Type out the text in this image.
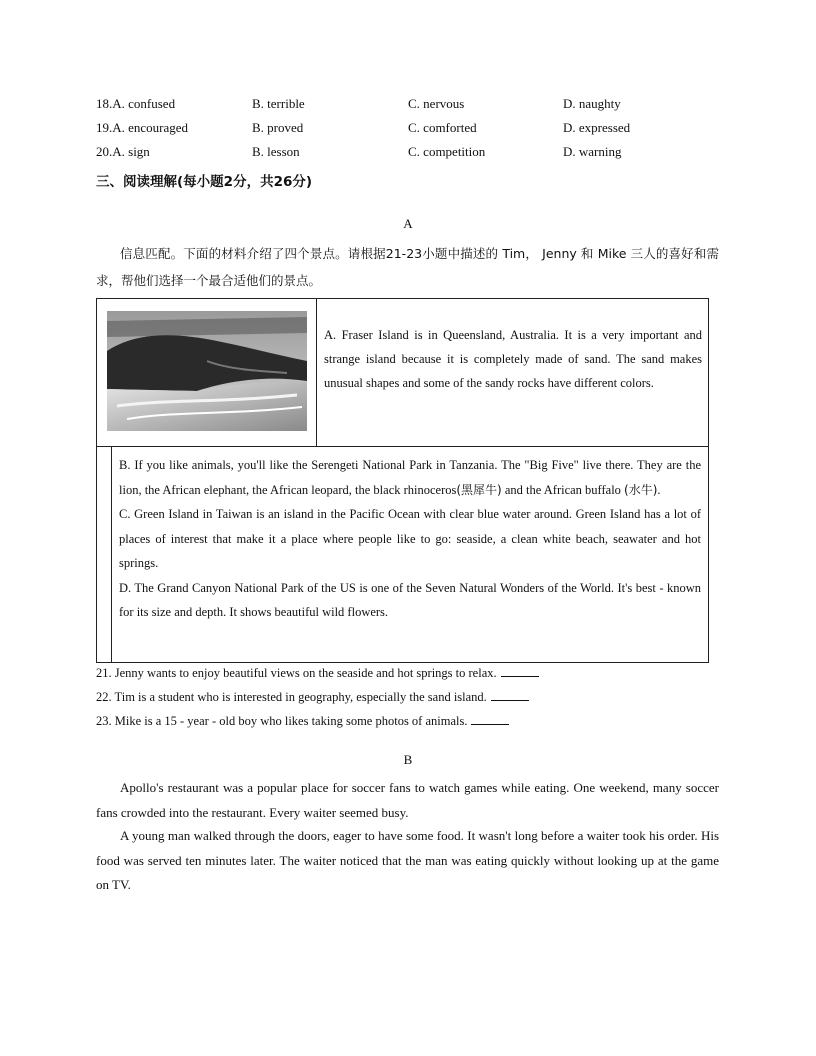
18.A. confused	B. terrible	C. nervous	D. naughty
19.A. encouraged	B. proved	C. comforted	D. expressed
20.A. sign	B. lesson	C. competition	D. warning
三、阅读理解(每小题2分，共26分)
A
信息匹配。下面的材料介绍了四个景点。请根据21-23小题中描述的 Tim， Jenny 和 Mike 三人的喜好和需求，帮他们选择一个最合适他们的景点。
A. Fraser Island is in Queensland, Australia. It is a very important and strange island because it is completely made of sand. The sand makes unusual shapes and some of the sandy rocks have different colors.

B. If you like animals, you'll like the Serengeti National Park in Tanzania. The "Big Five" live there. They are the lion, the African elephant, the African leopard, the black rhinoceros(黑犀牛) and the African buffalo (水牛).

C. Green Island in Taiwan is an island in the Pacific Ocean with clear blue water around. Green Island has a lot of places of interest that make it a place where people like to go: seaside, a clean white beach, seawater and hot springs.

D. The Grand Canyon National Park of the US is one of the Seven Natural Wonders of the World. It's best - known for its size and depth. It shows beautiful wild flowers.

21. Jenny wants to enjoy beautiful views on the seaside and hot springs to relax.
22. Tim is a student who is interested in geography, especially the sand island.
23. Mike is a 15 - year - old boy who likes taking some photos of animals.
B
Apollo's restaurant was a popular place for soccer fans to watch games while eating. One weekend, many soccer fans crowded into the restaurant. Every waiter seemed busy.
A young man walked through the doors, eager to have some food. It wasn't long before a waiter took his order. His food was served ten minutes later. The waiter noticed that the man was eating quickly without looking up at the game on TV.
